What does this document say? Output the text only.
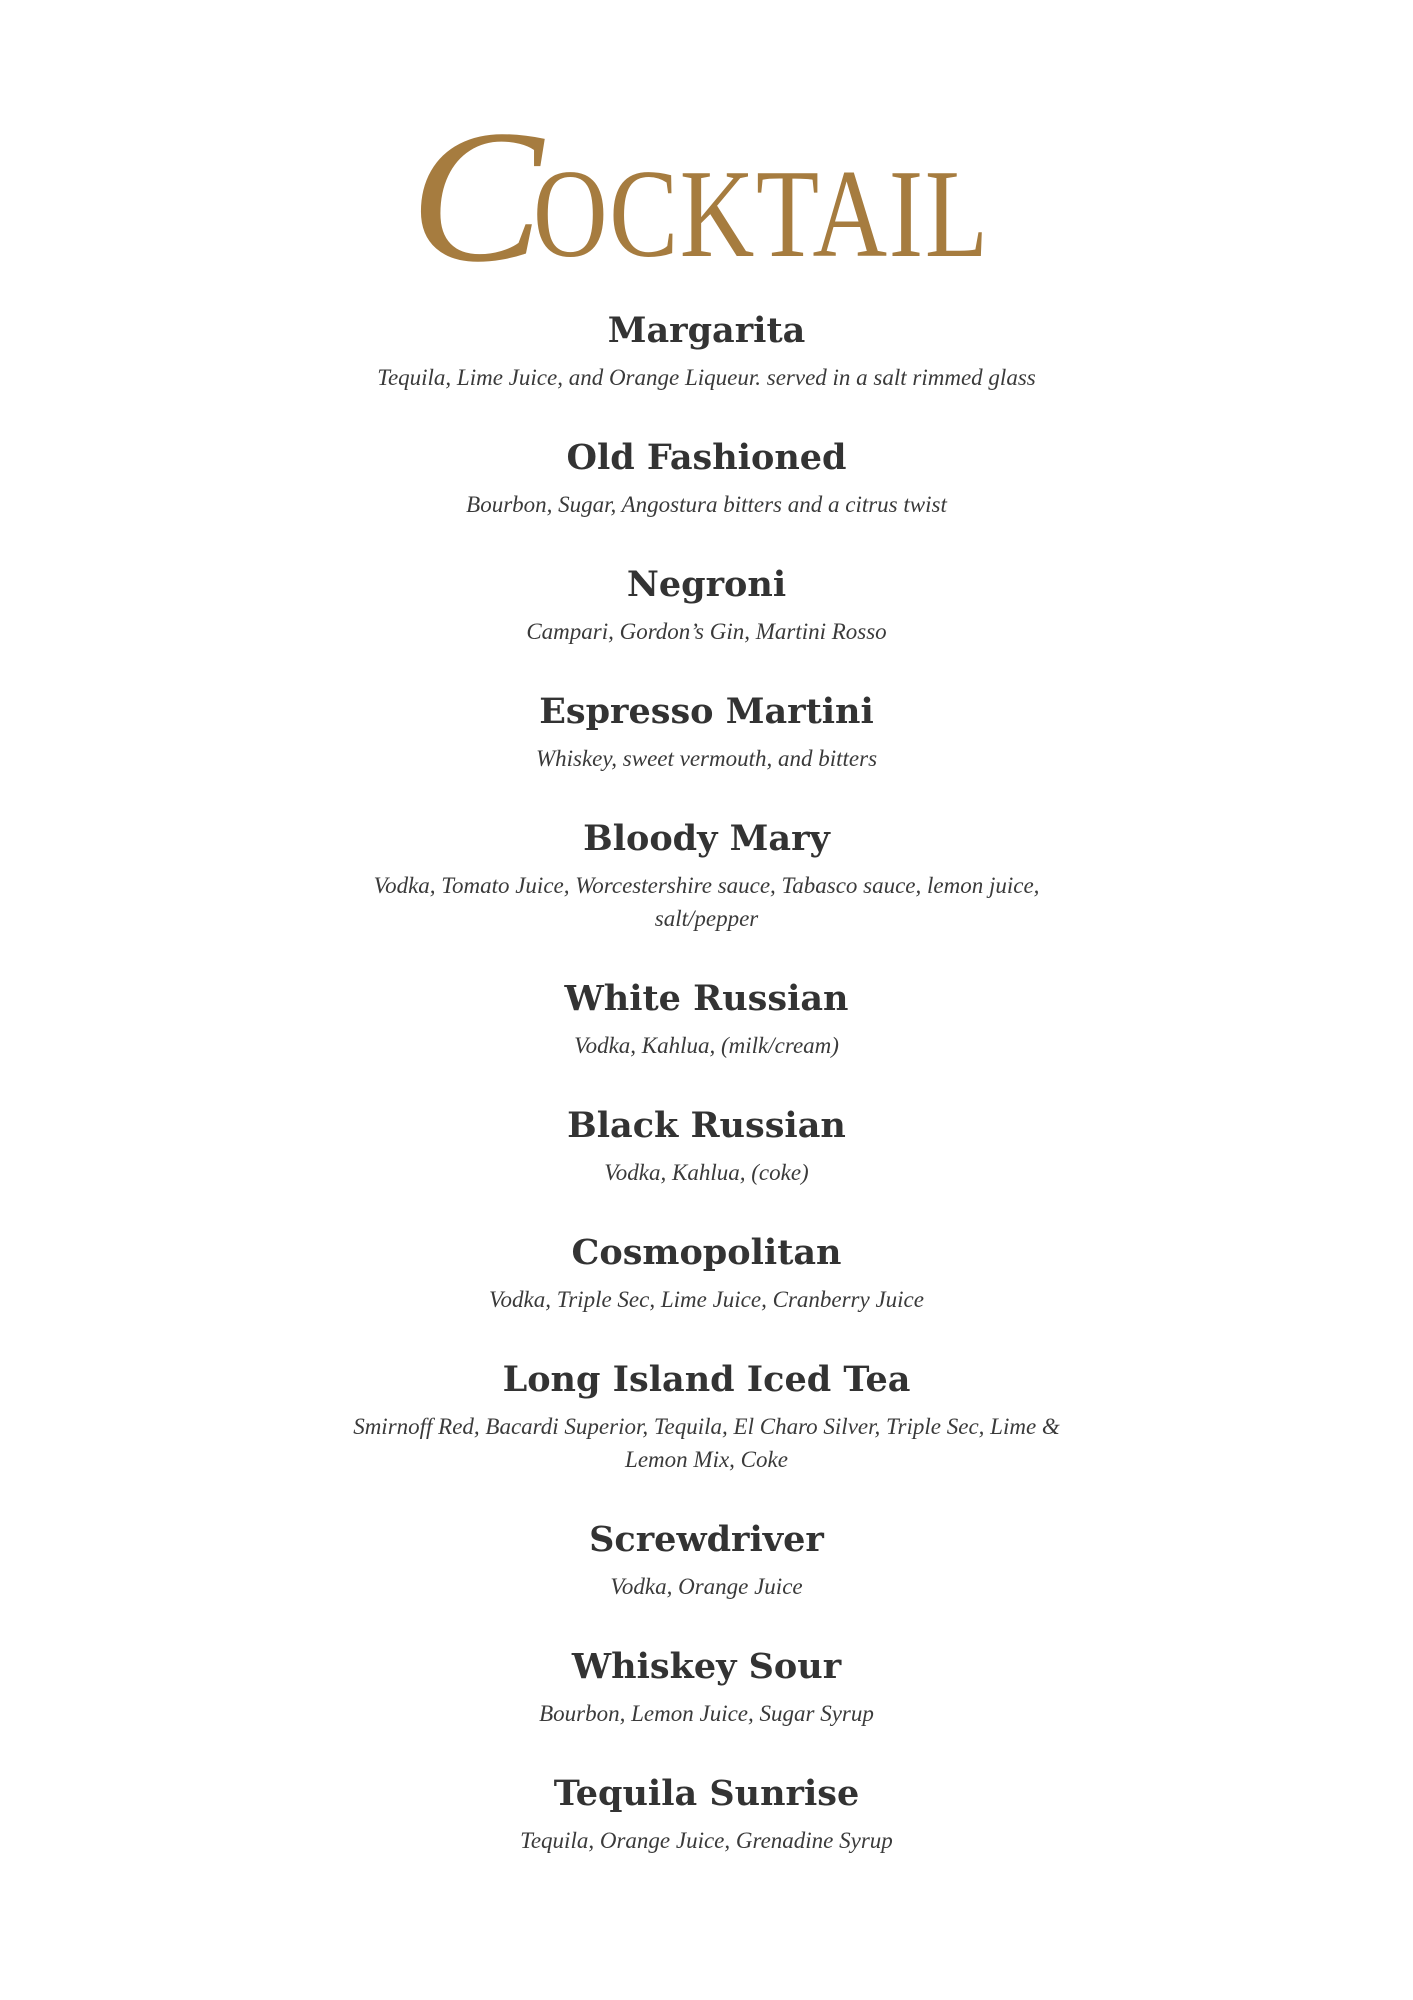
COCKTAIL
Margarita
Tequila, Lime Juice, and Orange Liqueur. served in a salt rimmed glass
Old Fashioned
Bourbon, Sugar, Angostura bitters and a citrus twist
Negroni
Campari, Gordon’s Gin, Martini Rosso
Espresso Martini
Whiskey, sweet vermouth, and bitters
Bloody Mary
Vodka, Tomato Juice, Worcestershire sauce, Tabasco sauce, lemon juice, salt/pepper
White Russian
Vodka, Kahlua, (milk/cream)
Black Russian
Vodka, Kahlua, (coke)
Cosmopolitan
Vodka, Triple Sec, Lime Juice, Cranberry Juice
Long Island Iced Tea
Smirnoff Red, Bacardi Superior, Tequila, El Charo Silver, Triple Sec, Lime & Lemon Mix, Coke
Screwdriver
Vodka, Orange Juice
Whiskey Sour
Bourbon, Lemon Juice, Sugar Syrup
Tequila Sunrise
Tequila, Orange Juice, Grenadine Syrup
